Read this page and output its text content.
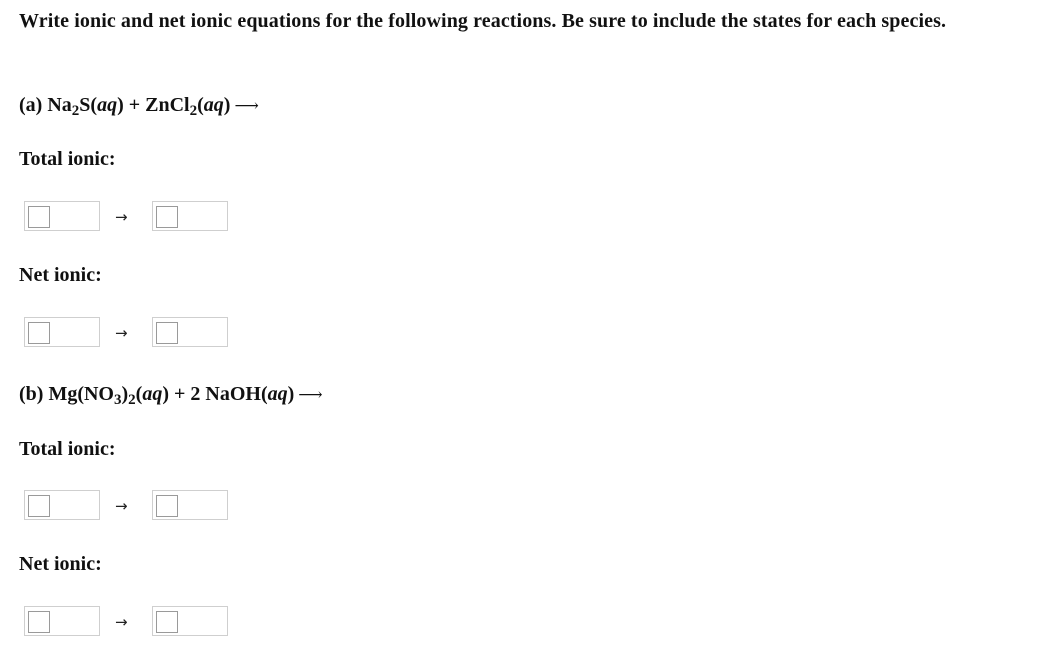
Write ionic and net ionic equations for the following reactions. Be sure to include the states for each species.
(a) $Na_2S(aq)$ + ZnCl$_2$(aq) ⟶
Total ionic:
→
Net ionic:
→
(b) $Mg(NO_3)_2(aq) + 2$ NaOH(aq) ⟶
Total ionic:
→
Net ionic:
→
